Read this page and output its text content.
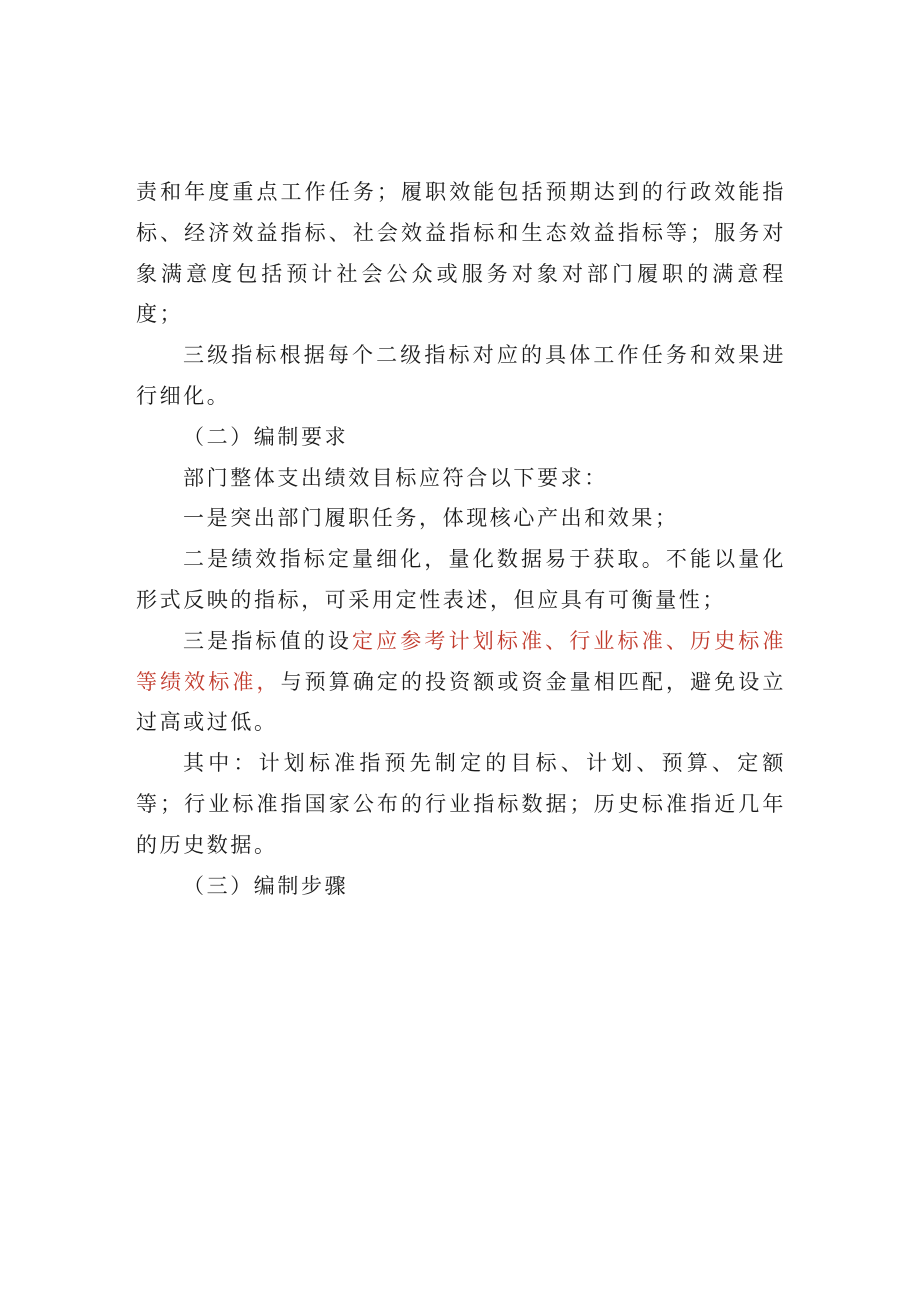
责和年度重点工作任务；履职效能包括预期达到的行政效能指标、经济效益指标、社会效益指标和生态效益指标等；服务对象满意度包括预计社会公众或服务对象对部门履职的满意程度；

三级指标根据每个二级指标对应的具体工作任务和效果进行细化。

（二）编制要求

部门整体支出绩效目标应符合以下要求：

一是突出部门履职任务，体现核心产出和效果；

二是绩效指标定量细化，量化数据易于获取。不能以量化形式反映的指标，可采用定性表述，但应具有可衡量性；

三是指标值的设定应参考计划标准、行业标准、历史标准等绩效标准，与预算确定的投资额或资金量相匹配，避免设立过高或过低。

其中：计划标准指预先制定的目标、计划、预算、定额等；行业标准指国家公布的行业指标数据；历史标准指近几年的历史数据。

（三）编制步骤
